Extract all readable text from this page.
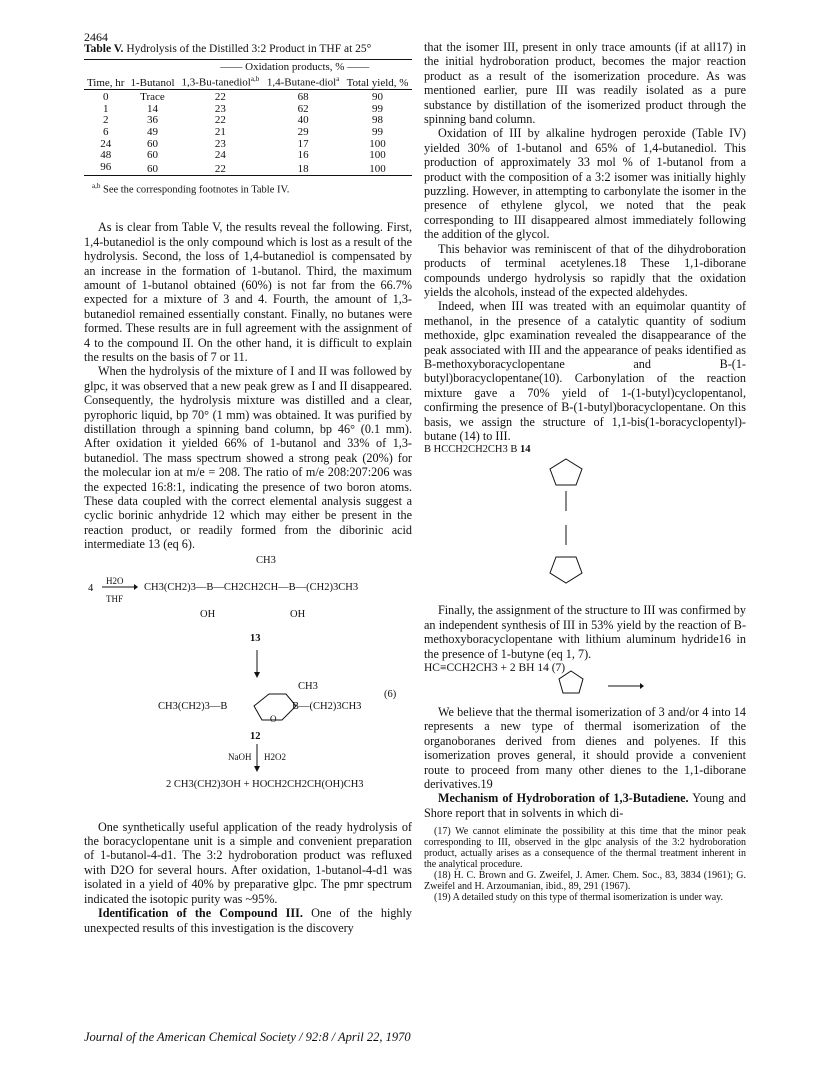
2464
Table V. Hydrolysis of the Distilled 3:2 Product in THF at 25°
		—— Oxidation products, % ——		
Time, hr	1-Butanol	1,3-Bu-tanediol$^{a,b}$	1,4-Butane-diol$^a$	Total yield, %
0	Trace	22	68	90
1	14	23	62	99
2	36	22	40	98
6	49	21	29	99
24	60	23	17	100
48	60	24	16	100
96	60	22	18	100
$^{a,b}$ See the corresponding footnotes in Table IV.

As is clear from Table V, the results reveal the following. First, 1,4-butanediol is the only compound which is lost as a result of the hydrolysis. Second, the loss of 1,4-butanediol is compensated by an increase in the formation of 1-butanol. Third, the maximum amount of 1-butanol obtained (60%) is not far from the 66.7% expected for a mixture of 3 and 4. Fourth, the amount of 1,3-butanediol remained essentially constant. Finally, no butanes were formed. These results are in full agreement with the assignment of 4 to the compound II. On the other hand, it is difficult to explain the results on the basis of 7 or 11.

When the hydrolysis of the mixture of I and II was followed by glpc, it was observed that a new peak grew as I and II disappeared. Consequently, the hydrolysis mixture was distilled and a clear, pyrophoric liquid, bp 70° (1 mm) was obtained. It was purified by distillation through a spinning band column, bp 46° (0.1 mm). After oxidation it yielded 66% of 1-butanol and 33% of 1,3-butanediol. The mass spectrum showed a strong peak (20%) for the molecular ion at m/e = 208. The ratio of m/e 208:207:206 was the expected 16:8:1, indicating the presence of two boron atoms. These data coupled with the correct elemental analysis suggest a cyclic borinic anhydride 12 which may either be present in the reaction product, or readily formed from the diborinic acid intermediate 13 (eq 6).

4
H2O
THF
CH3
CH3(CH2)3—B—CH2CH2CH—B—(CH2)3CH3
OH	OH
13
CH3
(6)
CH3(CH2)3—B
O
B—(CH2)3CH3
12
NaOH H2O2
2 CH3(CH2)3OH + HOCH2CH2CH(OH)CH3

One synthetically useful application of the ready hydrolysis of the boracyclopentane unit is a simple and convenient preparation of 1-butanol-4-d1. The 3:2 hydroboration product was refluxed with D2O for several hours. After oxidation, 1-butanol-4-d1 was isolated in a yield of 40% by preparative glpc. The pmr spectrum indicated the isotopic purity was ~95%.

Identification of the Compound III. One of the highly unexpected results of this investigation is the discovery

that the isomer III, present in only trace amounts (if at all17) in the initial hydroboration product, becomes the major reaction product as a result of the isomerization procedure. As was mentioned earlier, pure III was readily isolated as a pure substance by distillation of the isomerized product through the spinning band column.

Oxidation of III by alkaline hydrogen peroxide (Table IV) yielded 30% of 1-butanol and 65% of 1,4-butanediol. This production of approximately 33 mol % of 1-butanol from a product with the composition of a 3:2 isomer was initially highly puzzling. However, in attempting to carbonylate the isomer in the presence of ethylene glycol, we noted that the peak corresponding to III disappeared almost immediately following the addition of the glycol.

This behavior was reminiscent of that of the dihydroboration products of terminal acetylenes.18 These 1,1-diborane compounds undergo hydrolysis so rapidly that the oxidation yields the alcohols, instead of the expected aldehydes.

Indeed, when III was treated with an equimolar quantity of methanol, in the presence of a catalytic quantity of sodium methoxide, glpc examination revealed the disappearance of the peak associated with III and the appearance of peaks identified as B-methoxyboracyclopentane and B-(1-butyl)boracyclopentane(10). Carbonylation of the reaction mixture gave a 70% yield of 1-(1-butyl)cyclopentanol, confirming the presence of B-(1-butyl)boracyclopentane. On this basis, we assign the structure of 1,1-bis(1-boracyclopentyl)-butane (14) to III.

B HCCH2CH2CH3 B 14

Finally, the assignment of the structure to III was confirmed by an independent synthesis of III in 53% yield by the reaction of B-methoxyboracyclopentane with lithium aluminum hydride16 in the presence of 1-butyne (eq 1, 7).

HC≡CCH2CH3 + 2 BH 14 (7)

We believe that the thermal isomerization of 3 and/or 4 into 14 represents a new type of thermal isomerization of the organoboranes derived from dienes and polyenes. If this isomerization proves general, it should provide a convenient route to proceed from many other dienes to the 1,1-diborane derivatives.19

Mechanism of Hydroboration of 1,3-Butadiene. Young and Shore report that in solvents in which di-

(17) We cannot eliminate the possibility at this time that the minor peak corresponding to III, observed in the glpc analysis of the 3:2 hydroboration product, actually arises as a consequence of the thermal treatment inherent in the analytical procedure.

(18) H. C. Brown and G. Zweifel, J. Amer. Chem. Soc., 83, 3834 (1961); G. Zweifel and H. Arzoumanian, ibid., 89, 291 (1967).

(19) A detailed study on this type of thermal isomerization is under way.

Journal of the American Chemical Society / 92:8 / April 22, 1970
